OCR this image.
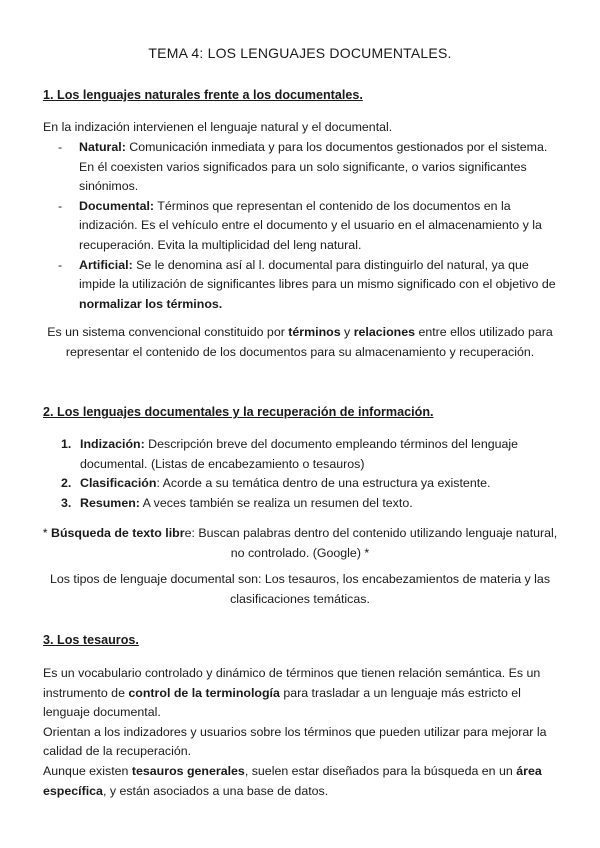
TEMA 4: LOS LENGUAJES DOCUMENTALES.
1. Los lenguajes naturales frente a los documentales.
En la indización intervienen el lenguaje natural y el documental.
-	Natural: Comunicación inmediata y para los documentos gestionados por el sistema. En él coexisten varios significados para un solo significante, o varios significantes sinónimos.
-	Documental: Términos que representan el contenido de los documentos en la indización. Es el vehículo entre el documento y el usuario en el almacenamiento y la recuperación. Evita la multiplicidad del leng natural.
-	Artificial: Se le denomina así al l. documental para distinguirlo del natural, ya que impide la utilización de significantes libres para un mismo significado con el objetivo de normalizar los términos.
Es un sistema convencional constituido por términos y relaciones entre ellos utilizado para representar el contenido de los documentos para su almacenamiento y recuperación.
2. Los lenguajes documentales y la recuperación de información.
1. Indización: Descripción breve del documento empleando términos del lenguaje documental. (Listas de encabezamiento o tesauros)
2. Clasificación: Acorde a su temática dentro de una estructura ya existente.
3. Resumen: A veces también se realiza un resumen del texto.
* Búsqueda de texto libre: Buscan palabras dentro del contenido utilizando lenguaje natural, no controlado. (Google) *
Los tipos de lenguaje documental son: Los tesauros, los encabezamientos de materia y las clasificaciones temáticas.
3. Los tesauros.
Es un vocabulario controlado y dinámico de términos que tienen relación semántica. Es un instrumento de control de la terminología para trasladar a un lenguaje más estricto el lenguaje documental.
Orientan a los indizadores y usuarios sobre los términos que pueden utilizar para mejorar la calidad de la recuperación.
Aunque existen tesauros generales, suelen estar diseñados para la búsqueda en un área específica, y están asociados a una base de datos.
